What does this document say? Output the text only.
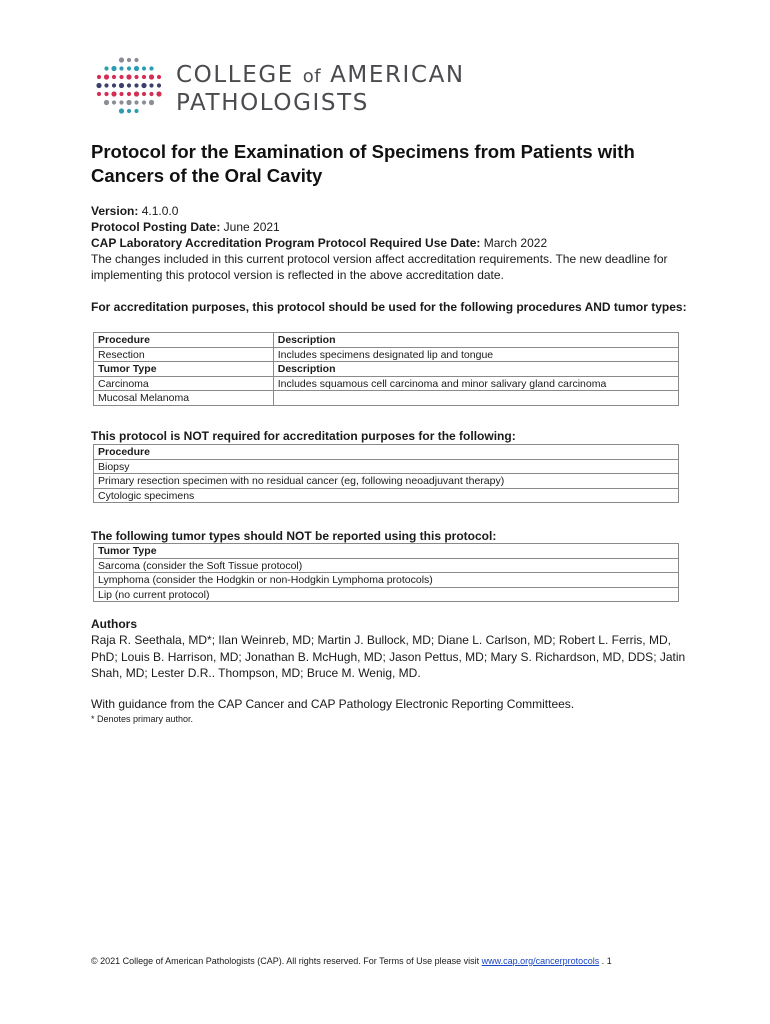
COLLEGE of AMERICAN
PATHOLOGISTS
Protocol for the Examination of Specimens from Patients with Cancers of the Oral Cavity
Version: 4.1.0.0
Protocol Posting Date: June 2021
CAP Laboratory Accreditation Program Protocol Required Use Date: March 2022
The changes included in this current protocol version affect accreditation requirements. The new deadline for implementing this protocol version is reflected in the above accreditation date.
For accreditation purposes, this protocol should be used for the following procedures AND tumor types:
Procedure	Description
Resection	Includes specimens designated lip and tongue
Tumor Type	Description
Carcinoma	Includes squamous cell carcinoma and minor salivary gland carcinoma
Mucosal Melanoma	
This protocol is NOT required for accreditation purposes for the following:
Procedure
Biopsy
Primary resection specimen with no residual cancer (eg, following neoadjuvant therapy)
Cytologic specimens
The following tumor types should NOT be reported using this protocol:
Tumor Type
Sarcoma (consider the Soft Tissue protocol)
Lymphoma (consider the Hodgkin or non-Hodgkin Lymphoma protocols)
Lip (no current protocol)
Authors
Raja R. Seethala, MD*; Ilan Weinreb, MD; Martin J. Bullock, MD; Diane L. Carlson, MD; Robert L. Ferris, MD, PhD; Louis B. Harrison, MD; Jonathan B. McHugh, MD; Jason Pettus, MD; Mary S. Richardson, MD, DDS; Jatin Shah, MD; Lester D.R.. Thompson, MD; Bruce M. Wenig, MD.
With guidance from the CAP Cancer and CAP Pathology Electronic Reporting Committees.
* Denotes primary author.
© 2021 College of American Pathologists (CAP). All rights reserved. For Terms of Use please visit www.cap.org/cancerprotocols . 1
